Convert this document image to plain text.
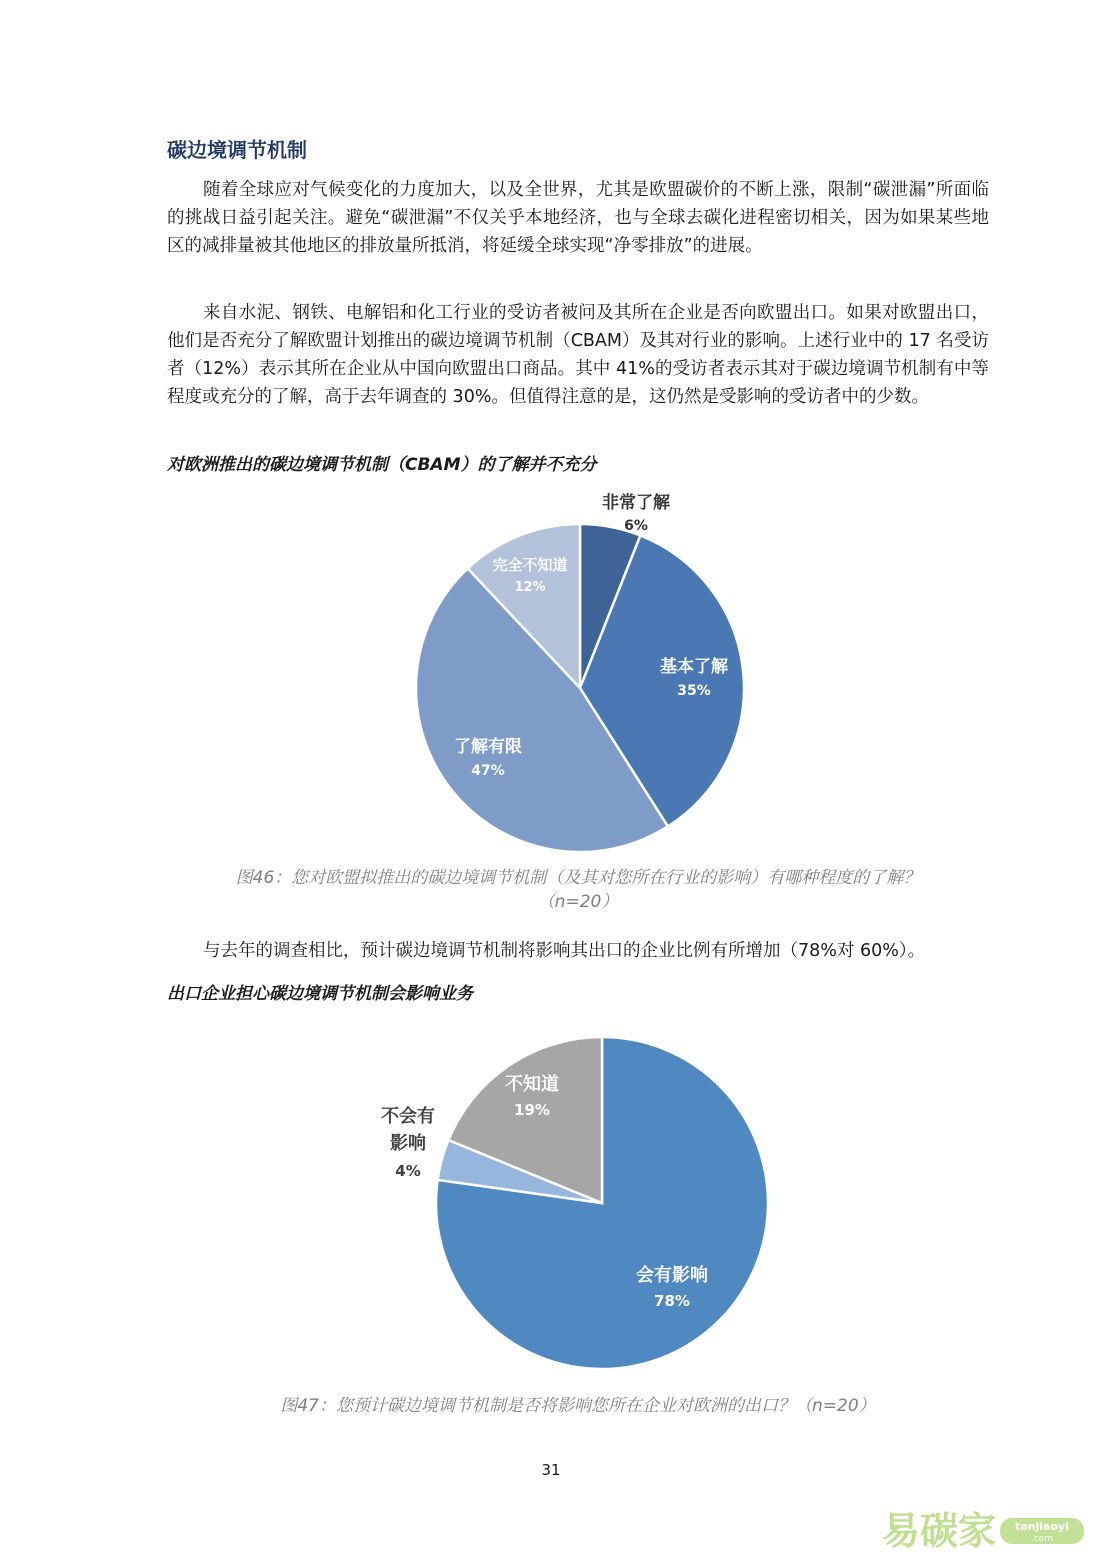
碳边境调节机制

随着全球应对气候变化的力度加大，以及全世界，尤其是欧盟碳价的不断上涨，限制“碳泄漏”所面临的挑战日益引起关注。避免“碳泄漏”不仅关乎本地经济，也与全球去碳化进程密切相关，因为如果某些地区的减排量被其他地区的排放量所抵消，将延缓全球实现“净零排放”的进展。

来自水泥、钢铁、电解铝和化工行业的受访者被问及其所在企业是否向欧盟出口。如果对欧盟出口，他们是否充分了解欧盟计划推出的碳边境调节机制（CBAM）及其对行业的影响。上述行业中的 17 名受访者（12%）表示其所在企业从中国向欧盟出口商品。其中 41%的受访者表示其对于碳边境调节机制有中等程度或充分的了解，高于去年调查的 30%。但值得注意的是，这仍然是受影响的受访者中的少数。

对欧洲推出的碳边境调节机制（CBAM）的了解并不充分
非常了解
6%
基本了解
35%
了解有限
47%
完全不知道
12%
图46：您对欧盟拟推出的碳边境调节机制（及其对您所在行业的影响）有哪种程度的了解？
（n=20）

与去年的调查相比，预计碳边境调节机制将影响其出口的企业比例有所增加（78%对 60%）。

出口企业担心碳边境调节机制会影响业务
会有影响
78%
不会有
影响
4%
不知道
19%
图47：您预计碳边境调节机制是否将影响您所在企业对欧洲的出口？（n=20）
31
易碳家 tanjiaoyi
.com
